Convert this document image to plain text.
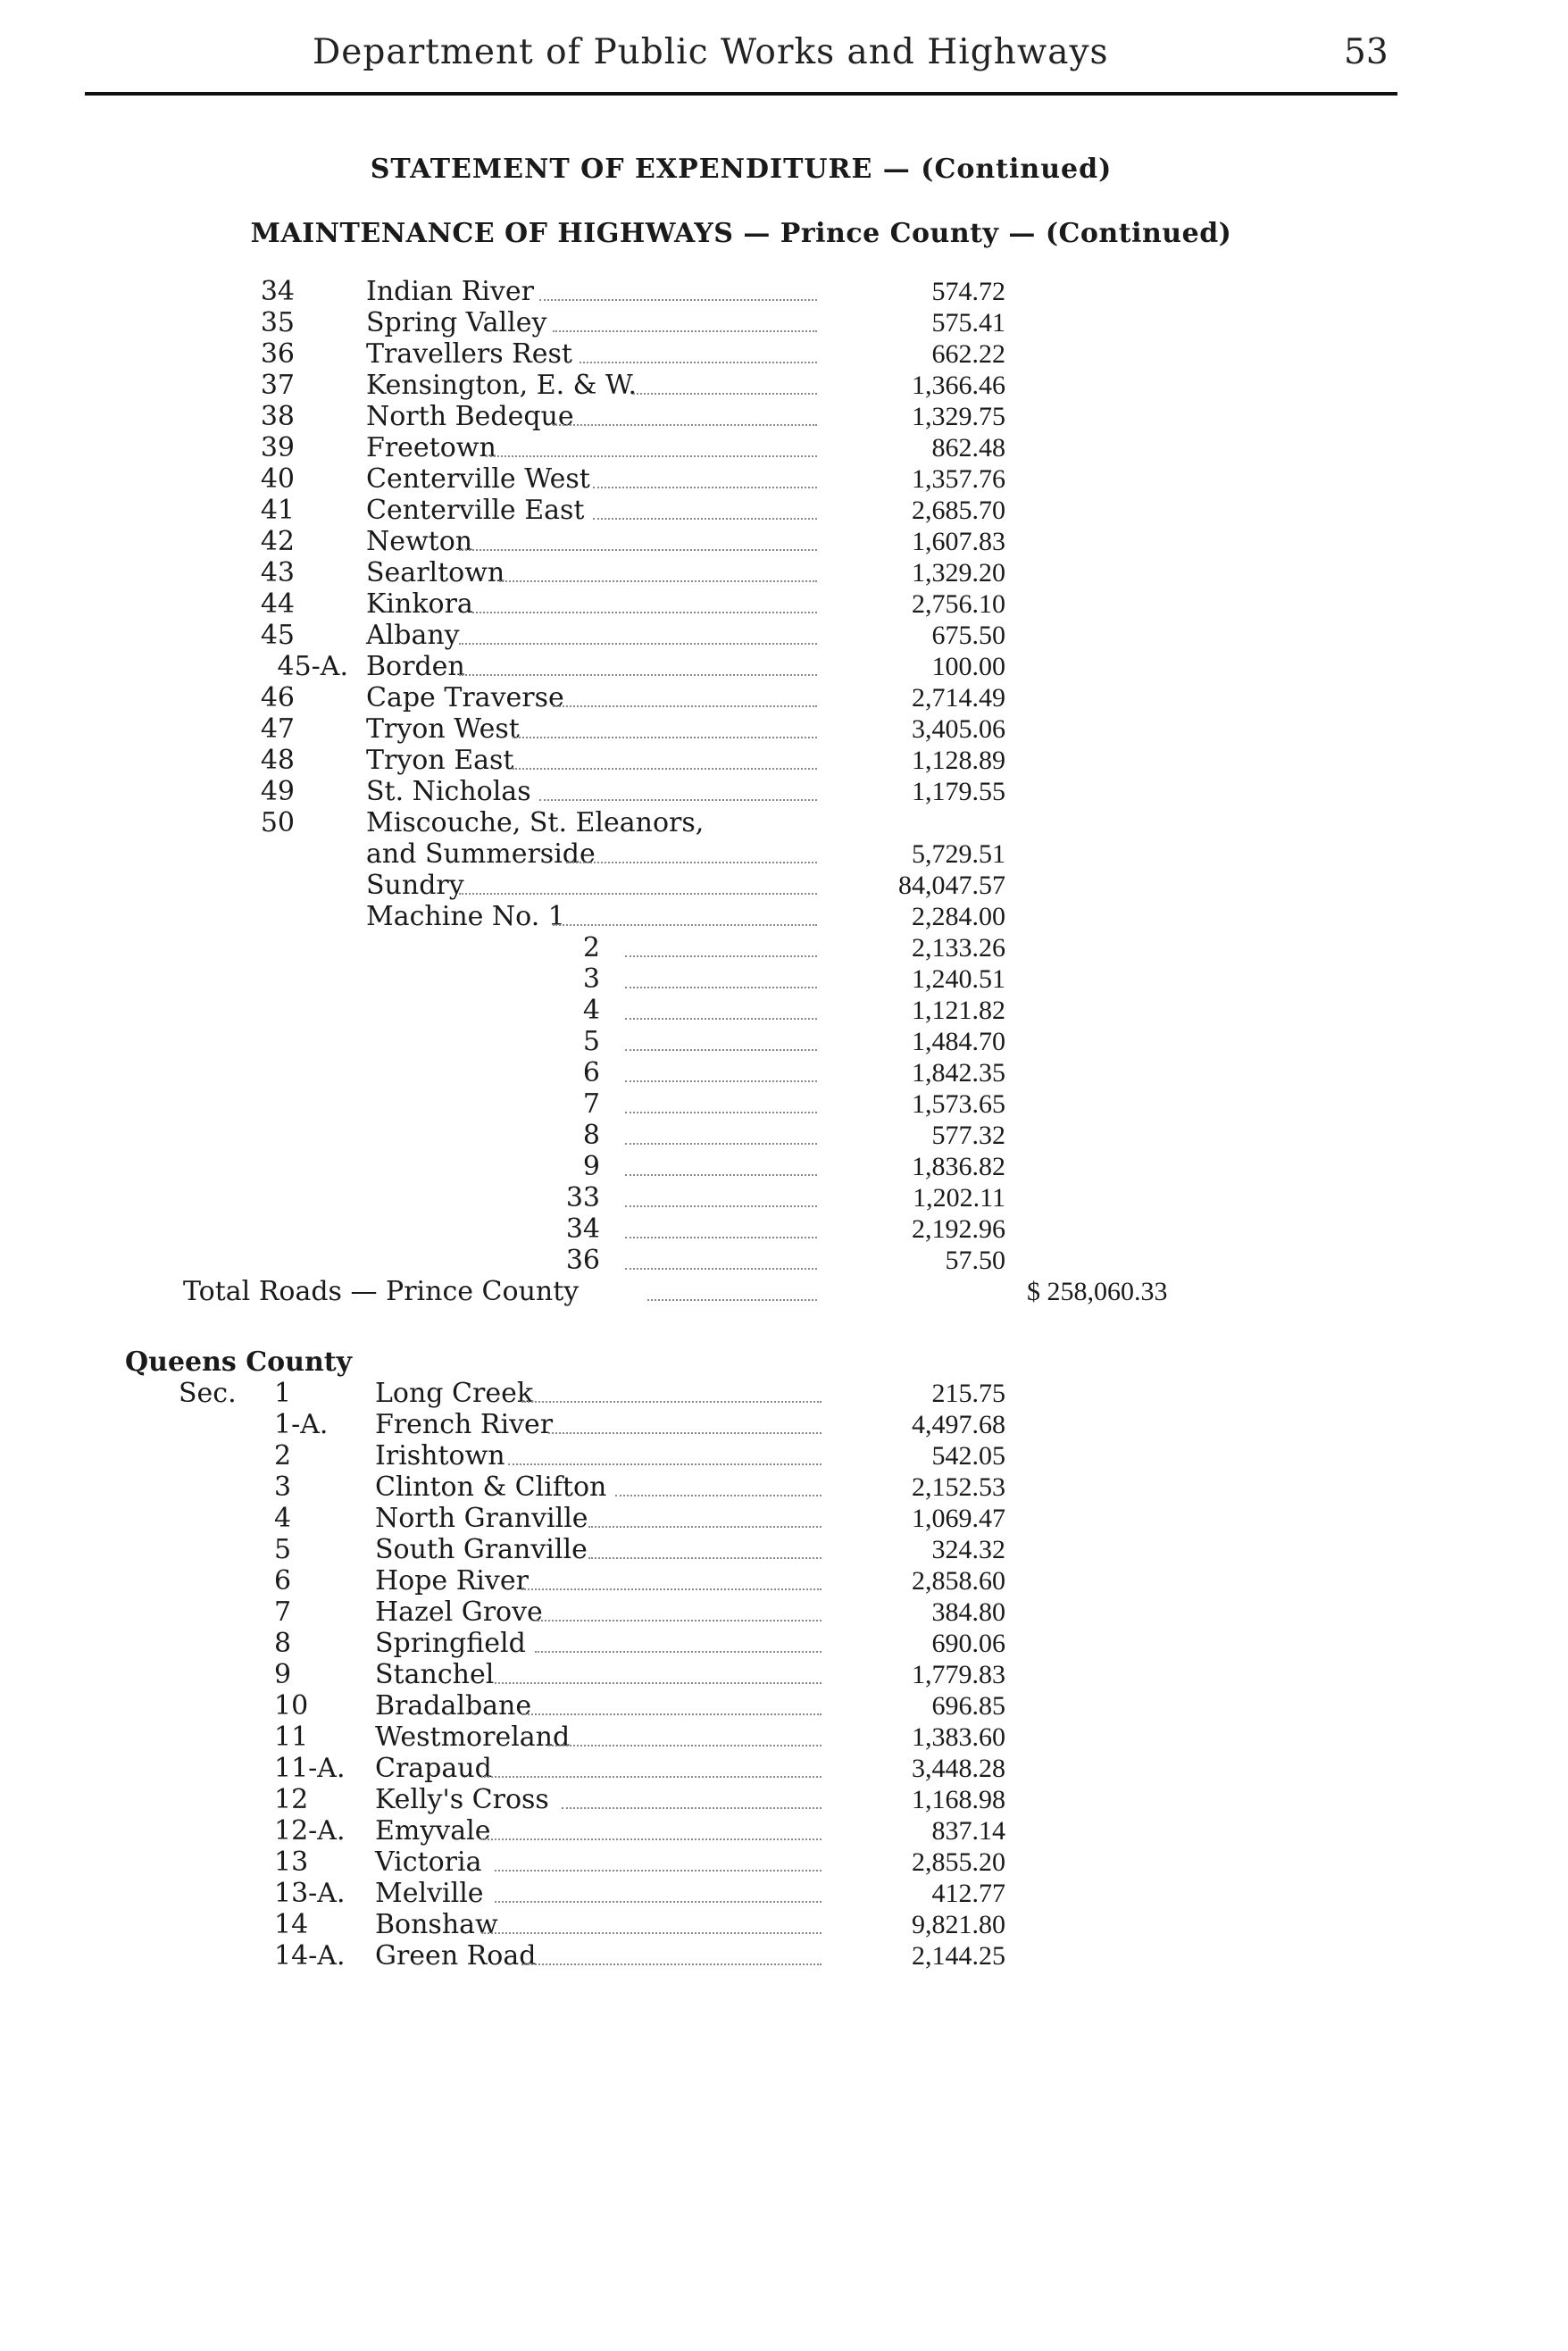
Department of Public Works and Highways	53
STATEMENT OF EXPENDITURE — (Continued)
MAINTENANCE OF HIGHWAYS — Prince County — (Continued)
34	Indian River	574.72
35	Spring Valley	575.41
36	Travellers Rest	662.22
37	Kensington, E. & W.	1,366.46
38	North Bedeque	1,329.75
39	Freetown	862.48
40	Centerville West	1,357.76
41	Centerville East	2,685.70
42	Newton	1,607.83
43	Searltown	1,329.20
44	Kinkora	2,756.10
45	Albany	675.50
45-A. Borden	100.00
46	Cape Traverse	2,714.49
47	Tryon West	3,405.06
48	Tryon East	1,128.89
49	St. Nicholas	1,179.55
50	Miscouche, St. Eleanors,
and Summerside	5,729.51
Sundry	84,047.57
Machine No. 1	2,284.00
2	2,133.26
3	1,240.51
4	1,121.82
5	1,484.70
6	1,842.35
7	1,573.65
8	577.32
9	1,836.82
33	1,202.11
34	2,192.96
36	57.50
Total Roads — Prince County	$ 258,060.33
Queens County
Sec. 1	Long Creek	215.75
1-A. French River	4,497.68
2	Irishtown	542.05
3	Clinton & Clifton	2,152.53
4	North Granville	1,069.47
5	South Granville	324.32
6	Hope River	2,858.60
7	Hazel Grove	384.80
8	Springfield	690.06
9	Stanchel	1,779.83
10 Bradalbane	696.85
11 Westmoreland	1,383.60
11-A. Crapaud	3,448.28
12 Kelly's Cross	1,168.98
12-A. Emyvale	837.14
13 Victoria	2,855.20
13-A. Melville	412.77
14 Bonshaw	9,821.80
14-A. Green Road	2,144.25
